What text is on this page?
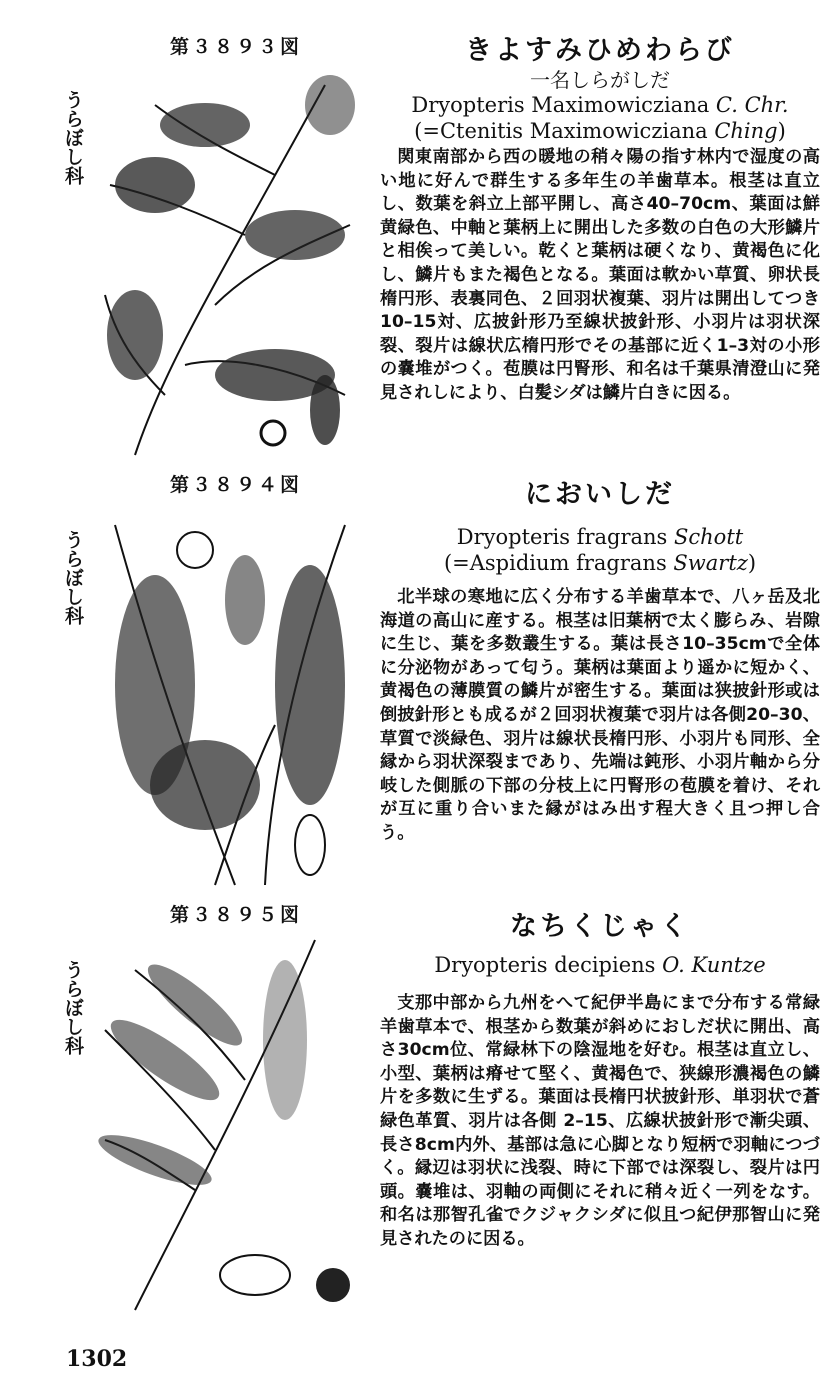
第３８９３図
うらぼし科
きよすみひめわらび
一名しらがしだ
Dryopteris Maximowicziana C. Chr.
(=Ctenitis Maximowicziana Ching)
関東南部から西の暖地の稍々陽の指す林内で湿度の高い地に好んで群生する多年生の羊歯草本。根茎は直立し、数葉を斜立上部平開し、高さ40–70cm、葉面は鮮黄緑色、中軸と葉柄上に開出した多数の白色の大形鱗片と相俟って美しい。乾くと葉柄は硬くなり、黄褐色に化し、鱗片もまた褐色となる。葉面は軟かい草質、卵状長楕円形、表裏同色、２回羽状複葉、羽片は開出してつき10–15対、広披針形乃至線状披針形、小羽片は羽状深裂、裂片は線状広楕円形でその基部に近く1–3対の小形の嚢堆がつく。苞膜は円腎形、和名は千葉県清澄山に発見されしにより、白髪シダは鱗片白きに因る。
第３８９４図
うらぼし科
においしだ
Dryopteris fragrans Schott
(=Aspidium fragrans Swartz)
北半球の寒地に広く分布する羊歯草本で、八ヶ岳及北海道の高山に産する。根茎は旧葉柄で太く膨らみ、岩隙に生じ、葉を多数叢生する。葉は長さ10–35cmで全体に分泌物があって匂う。葉柄は葉面より遥かに短かく、黄褐色の薄膜質の鱗片が密生する。葉面は狭披針形或は倒披針形とも成るが２回羽状複葉で羽片は各側20–30、草質で淡緑色、羽片は線状長楕円形、小羽片も同形、全縁から羽状深裂まであり、先端は鈍形、小羽片軸から分岐した側脈の下部の分枝上に円腎形の苞膜を着け、それが互に重り合いまた縁がはみ出す程大きく且つ押し合う。
第３８９５図
うらぼし科
なちくじゃく
Dryopteris decipiens O. Kuntze
支那中部から九州をへて紀伊半島にまで分布する常緑羊歯草本で、根茎から数葉が斜めにおしだ状に開出、高さ30cm位、常緑林下の陰湿地を好む。根茎は直立し、小型、葉柄は瘠せて堅く、黄褐色で、狭線形濃褐色の鱗片を多数に生ずる。葉面は長楕円状披針形、単羽状で蒼緑色革質、羽片は各側 2–15、広線状披針形で漸尖頭、長さ8cm内外、基部は急に心脚となり短柄で羽軸につづく。縁辺は羽状に浅裂、時に下部では深裂し、裂片は円頭。嚢堆は、羽軸の両側にそれに稍々近く一列をなす。和名は那智孔雀でクジャクシダに似且つ紀伊那智山に発見されたのに因る。
1302
